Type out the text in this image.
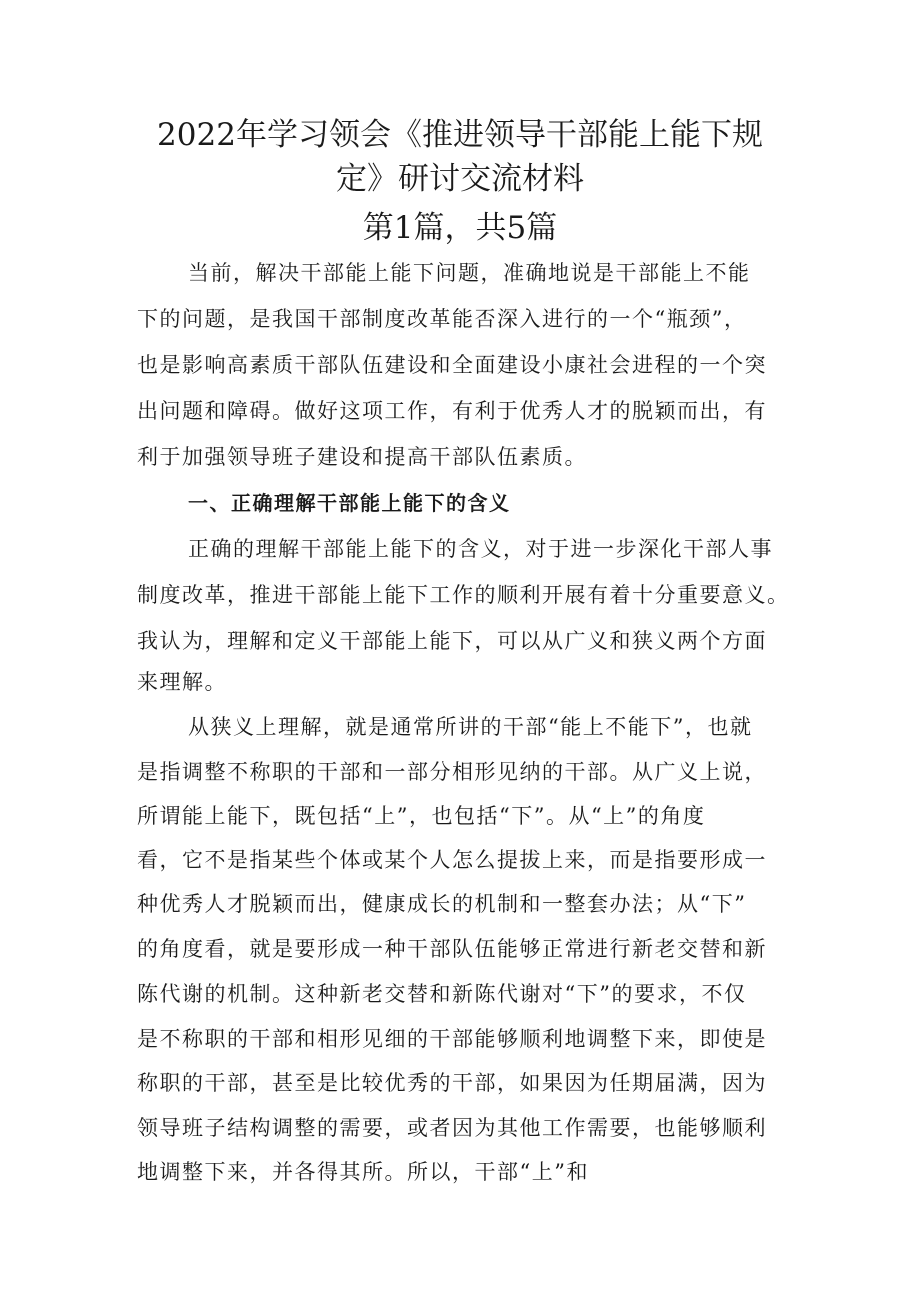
2022年学习领会《推进领导干部能上能下规
定》研讨交流材料
第1篇，共5篇

当前，解决干部能上能下问题，准确地说是干部能上不能

下的问题，是我国干部制度改革能否深入进行的一个“瓶颈”，

也是影响高素质干部队伍建设和全面建设小康社会进程的一个突

出问题和障碍。做好这项工作，有利于优秀人才的脱颖而出，有

利于加强领导班子建设和提高干部队伍素质。

一、正确理解干部能上能下的含义

正确的理解干部能上能下的含义，对于进一步深化干部人事

制度改革，推进干部能上能下工作的顺利开展有着十分重要意义。

我认为，理解和定义干部能上能下，可以从广义和狭义两个方面

来理解。

从狭义上理解，就是通常所讲的干部“能上不能下”，也就

是指调整不称职的干部和一部分相形见纳的干部。从广义上说，

所谓能上能下，既包括“上”，也包括“下”。从“上”的角度

看，它不是指某些个体或某个人怎么提拔上来，而是指要形成一

种优秀人才脱颖而出，健康成长的机制和一整套办法；从“下”

的角度看，就是要形成一种干部队伍能够正常进行新老交替和新

陈代谢的机制。这种新老交替和新陈代谢对“下”的要求，不仅

是不称职的干部和相形见细的干部能够顺利地调整下来，即使是

称职的干部，甚至是比较优秀的干部，如果因为任期届满，因为

领导班子结构调整的需要，或者因为其他工作需要，也能够顺利

地调整下来，并各得其所。所以，干部“上”和
